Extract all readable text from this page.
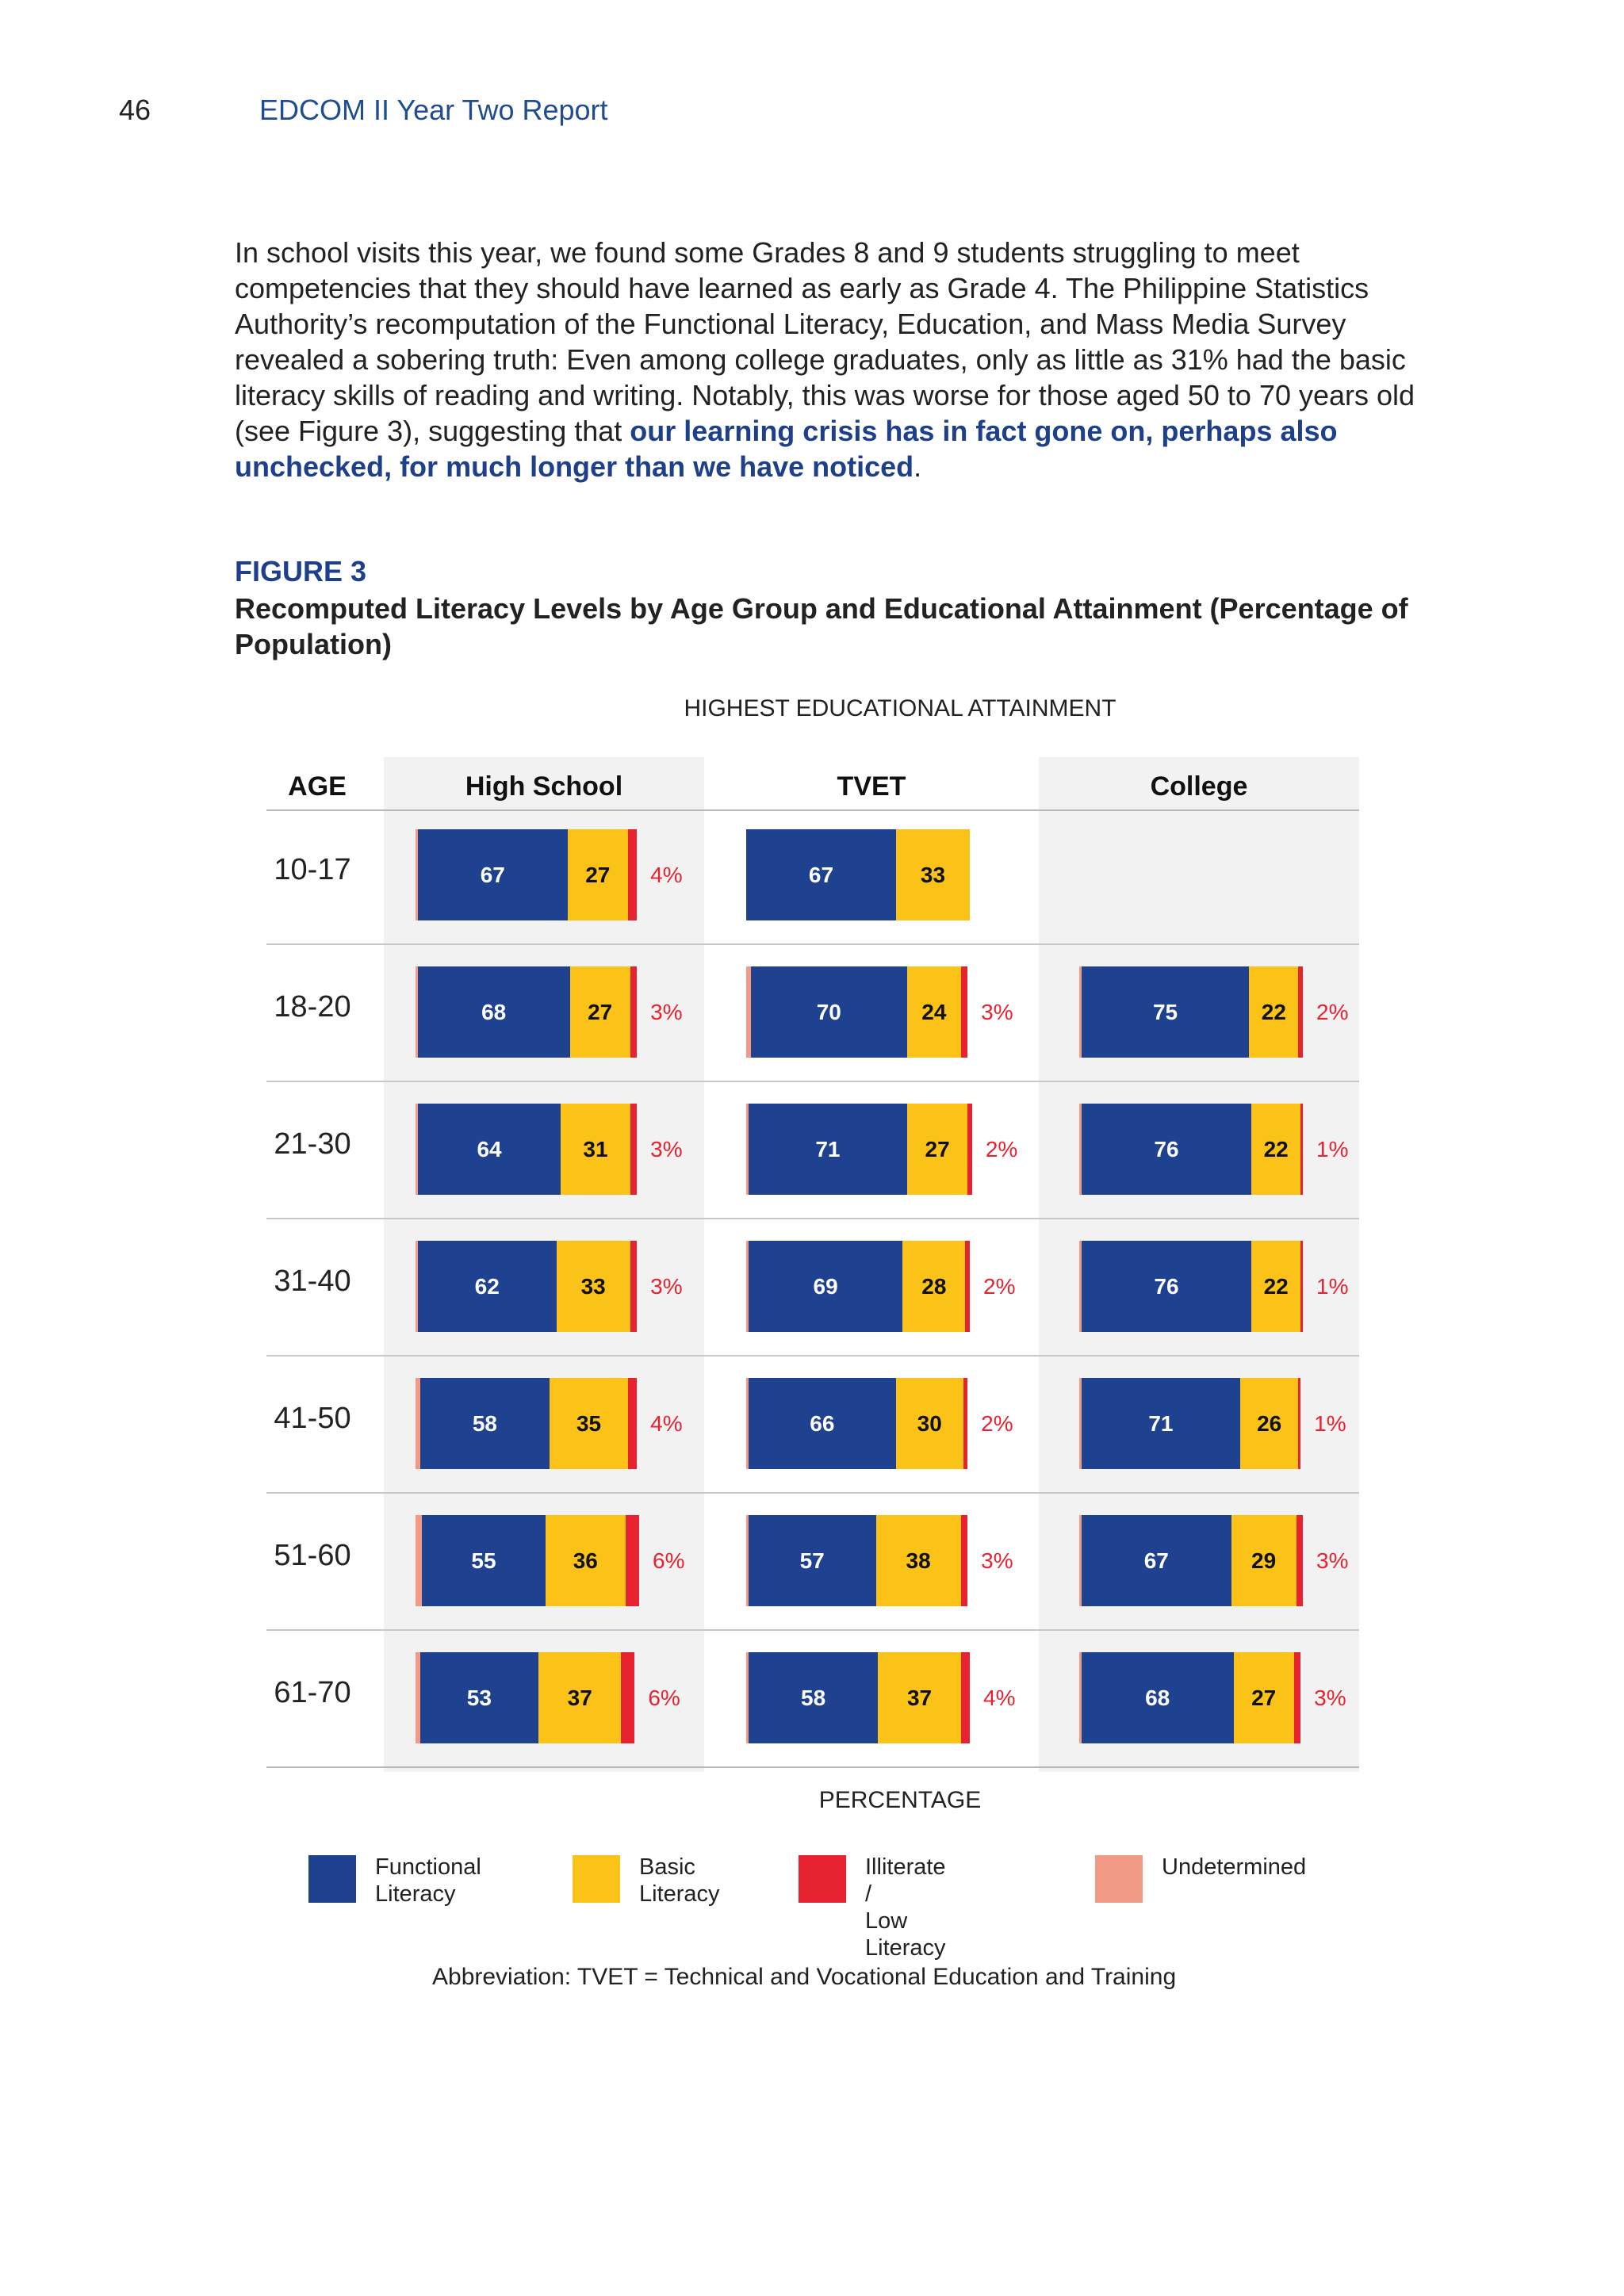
46	EDCOM II Year Two Report
In school visits this year, we found some Grades 8 and 9 students struggling to meet competencies that they should have learned as early as Grade 4. The Philippine Statistics Authority’s recomputation of the Functional Literacy, Education, and Mass Media Survey revealed a sobering truth: Even among college graduates, only as little as 31% had the basic literacy skills of reading and writing. Notably, this was worse for those aged 50 to 70 years old (see Figure 3), suggesting that our learning crisis has in fact gone on, perhaps also unchecked, for much longer than we have noticed.
FIGURE 3
Recomputed Literacy Levels by Age Group and Educational Attainment (Percentage of Population)
HIGHEST EDUCATIONAL ATTAINMENT
AGE	High School	TVET	College
10-17	67	27	4%	67	33
18-20	68	27	3%	70	24	3%	75	22	2%
21-30	64	31	3%	71	27	2%	76	22	1%
31-40	62	33	3%	69	28	2%	76	22	1%
41-50	58	35	4%	66	30	2%	71	26	1%
51-60	55	36	6%	57	38	3%	67	29	3%
61-70	53	37	6%	58	37	4%	68	27	3%
PERCENTAGE
Functional
Literacy
Basic
Literacy
Illiterate /
Low Literacy
Undetermined
Abbreviation: TVET = Technical and Vocational Education and Training
